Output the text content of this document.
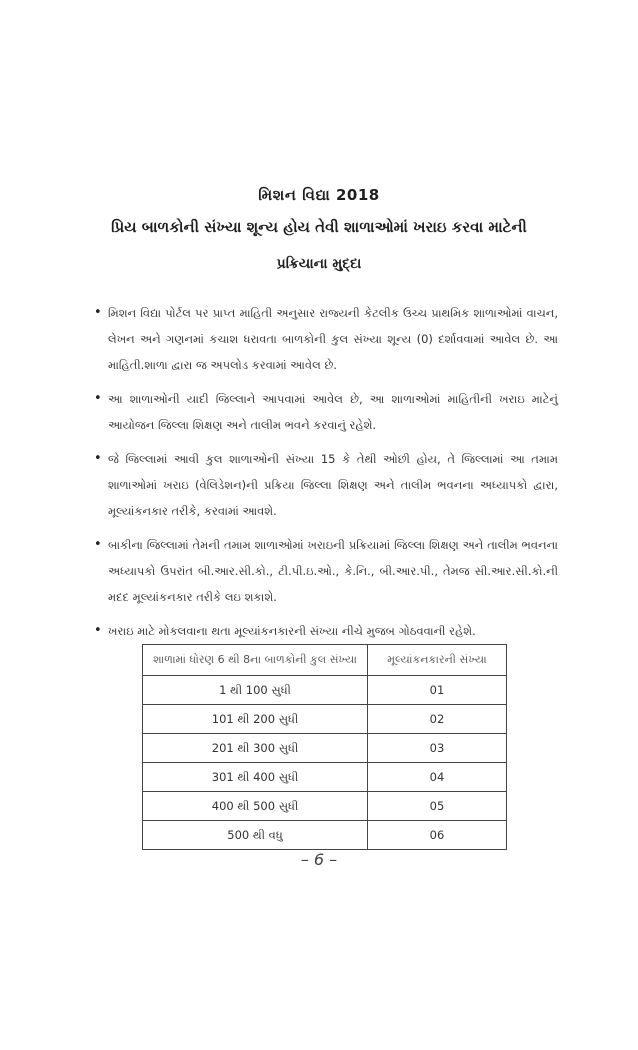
મિશન વિદ્યા 2018
પ્રિય બાળકોની સંખ્યા શૂન્ય હોય તેવી શાળાઓમાં ખરાઇ કરવા માટેની
પ્રક્રિયાના મુદ્દા
• મિશન વિદ્યા પોર્ટલ પર પ્રાપ્ત માહિતી અનુસાર રાજ્યની કેટલીક ઉચ્ચ પ્રાથમિક શાળાઓમાં વાચન, લેખન અને ગણનમાં કચાશ ધરાવતા બાળકોની કુલ સંખ્યા શૂન્ય (0) દર્શાવવામાં આવેલ છે. આ માહિતી.શાળા દ્વારા જ અપલોડ કરવામાં આવેલ છે.
• આ શાળાઓની યાદી જિલ્લાને આપવામાં આવેલ છે, આ શાળાઓમાં માહિતીની ખરાઇ માટેનું આયોજન જિલ્લા શિક્ષણ અને તાલીમ ભવને કરવાનું રહેશે.
• જે જિલ્લામાં આવી કુલ શાળાઓની સંખ્યા 15 કે તેથી ઓછી હોય, તે જિલ્લામાં આ તમામ શાળાઓમાં ખરાઇ (વેલિડેશન)ની પ્રક્રિયા જિલ્લા શિક્ષણ અને તાલીમ ભવનના અધ્યાપકો દ્વારા, મૂલ્યાંકનકાર તરીકે, કરવામાં આવશે.
• બાકીના જિલ્લામાં તેમની તમામ શાળાઓમાં ખરાઇની પ્રક્રિયામાં જિલ્લા શિક્ષણ અને તાલીમ ભવનના અધ્યાપકો ઉપરાંત બી.આર.સી.કો., ટી.પી.ઇ.ઓ., કે.નિ., બી.આર.પી., તેમજ સી.આર.સી.કો.ની મદદ મૂલ્યાંકનકાર તરીકે લઇ શકાશે.
• ખરાઇ માટે મોકલવાના થતા મૂલ્યાંકનકારની સંખ્યા નીચે મુજબ ગોઠવવાની રહેશે.
શાળામાં ધોરણ 6 થી 8ના બાળકોની કુલ સંખ્યા	મૂલ્યાંકનકારની સંખ્યા
1 થી 100 સુધી	01
101 થી 200 સુધી	02
201 થી 300 સુધી	03
301 થી 400 સુધી	04
400 થી 500 સુધી	05
500 થી વધુ	06
– 6 –
